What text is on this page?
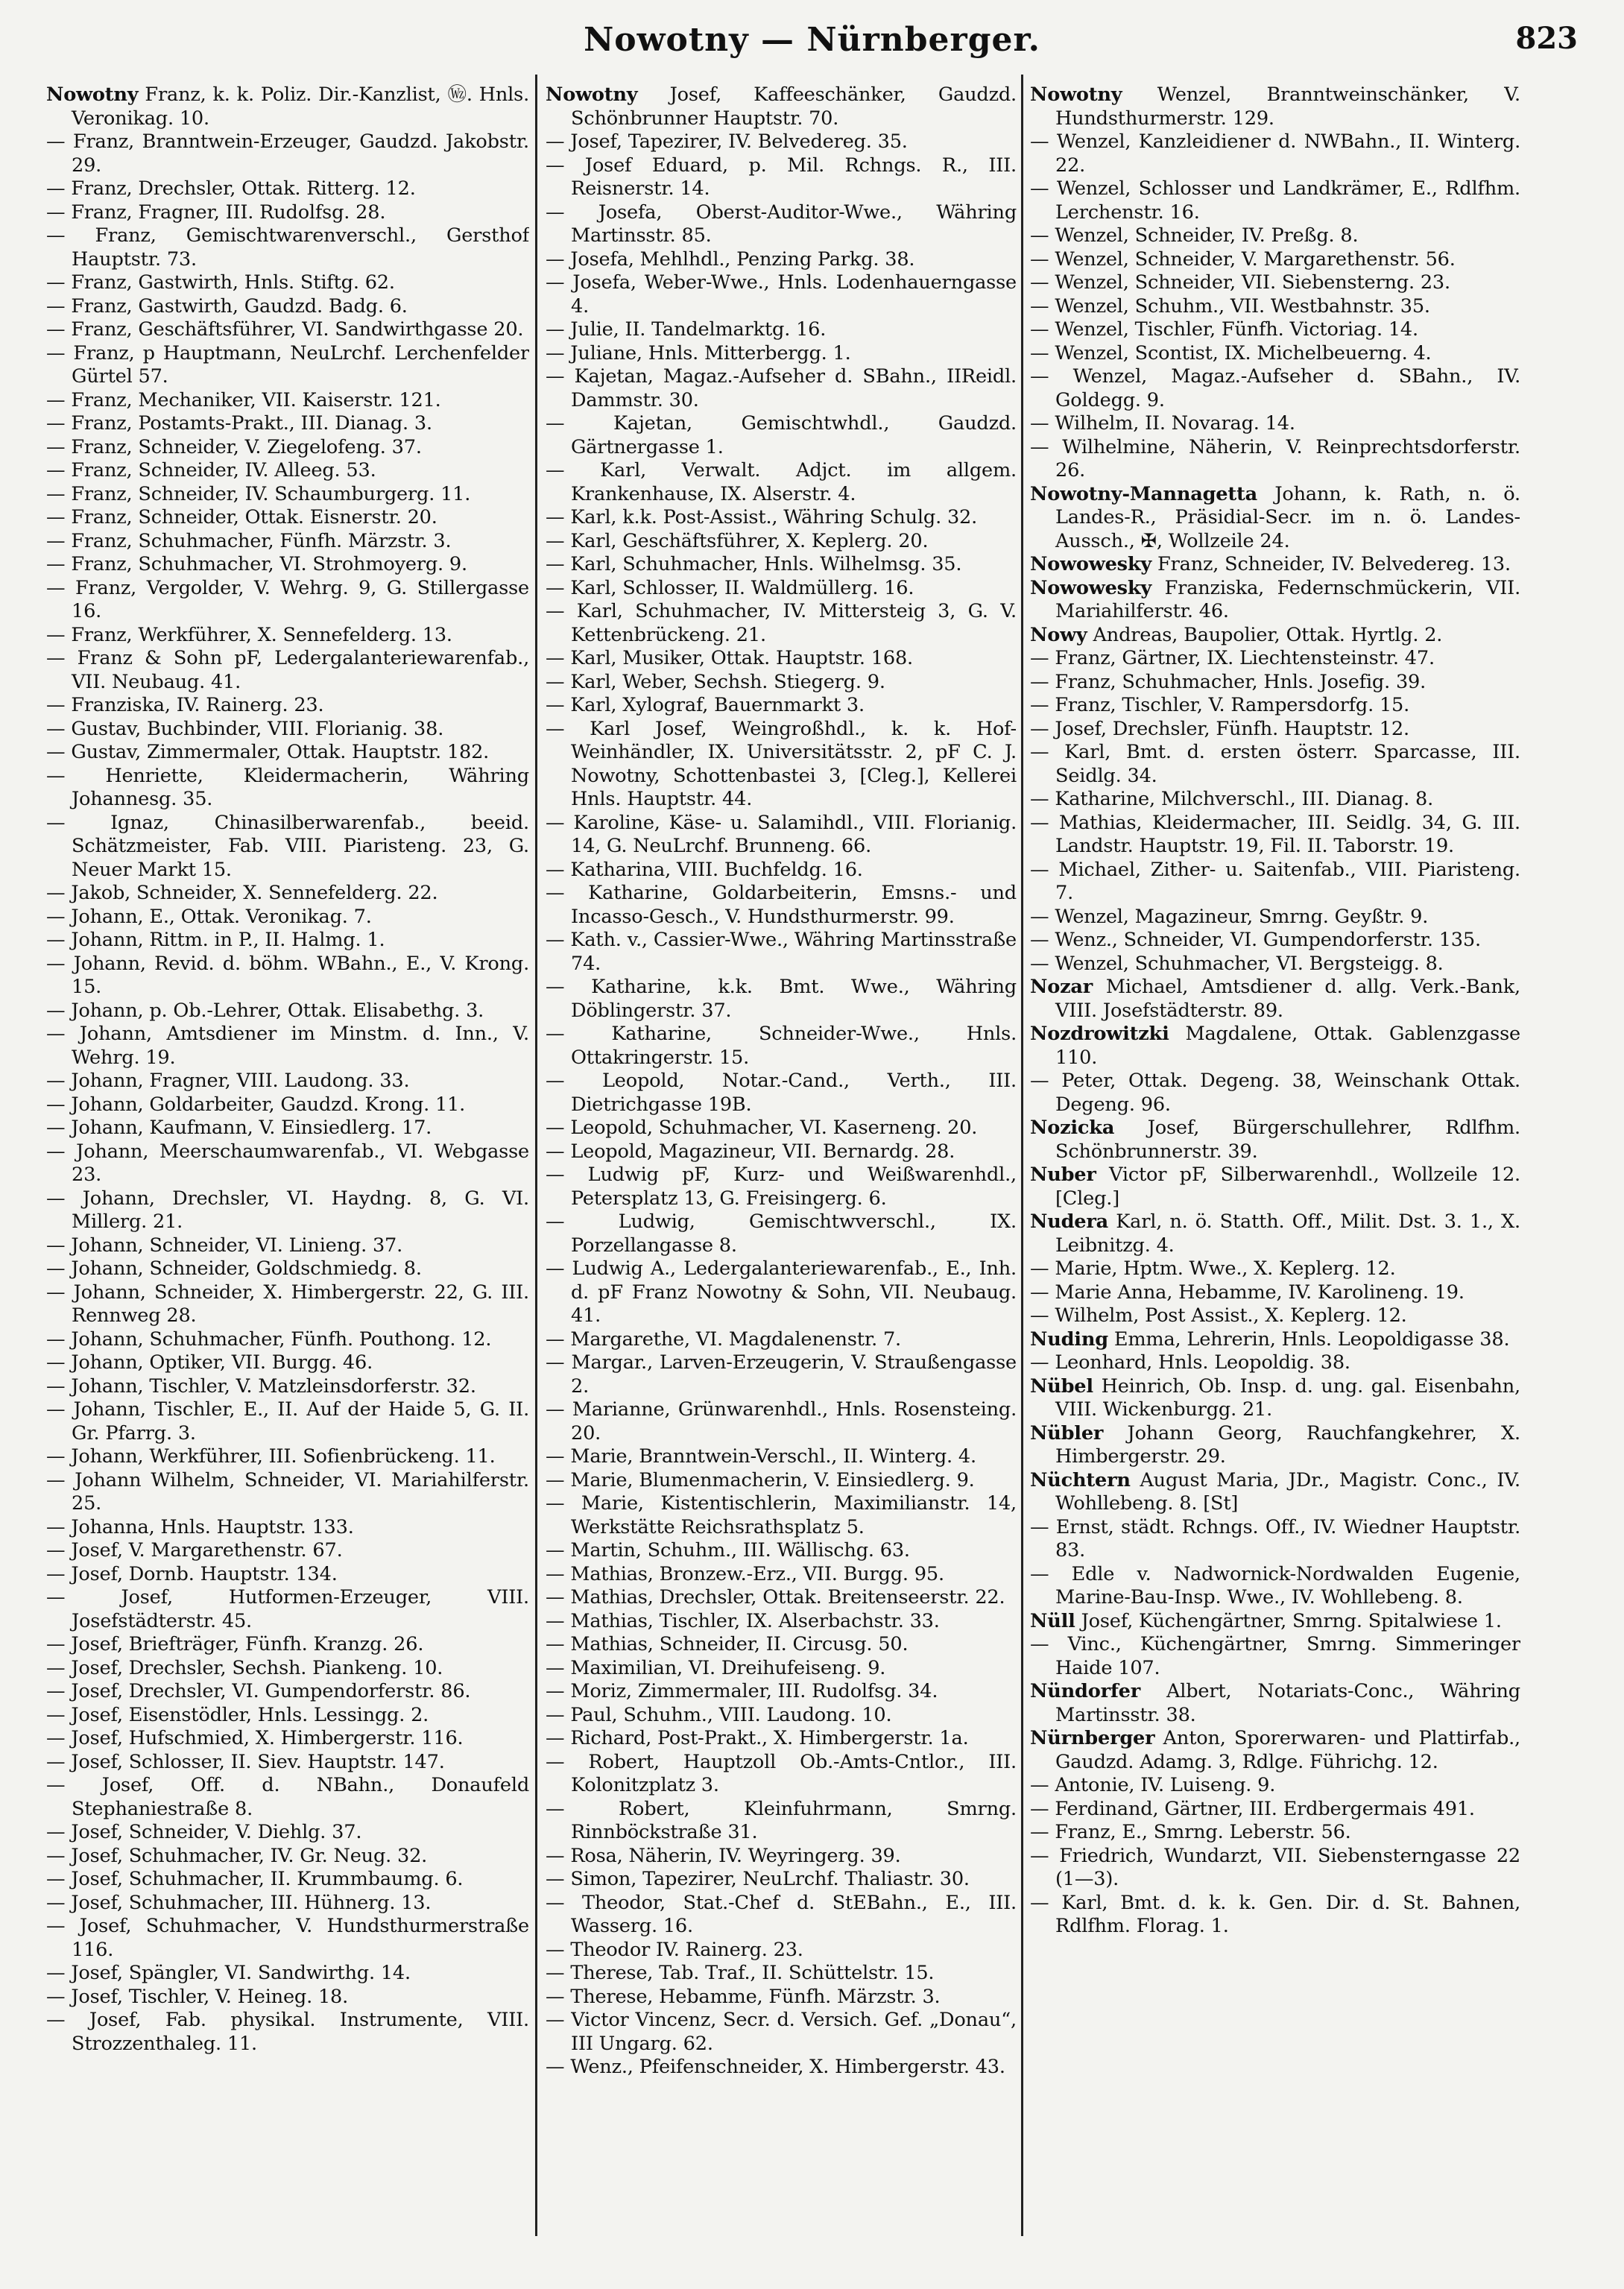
Nowotny — Nürnberger.	823

Nowotny Franz, k. k. Poliz. Dir.-Kanzlist, 🄮. Hnls. Veronikag. 10.

— Franz, Branntwein-Erzeuger, Gaudzd. Jakobstr. 29.

— Franz, Drechsler, Ottak. Ritterg. 12.

— Franz, Fragner, III. Rudolfsg. 28.

— Franz, Gemischtwarenverschl., Gersthof Hauptstr. 73.

— Franz, Gastwirth, Hnls. Stiftg. 62.

— Franz, Gastwirth, Gaudzd. Badg. 6.

— Franz, Geschäftsführer, VI. Sandwirthgasse 20.

— Franz, p Hauptmann, NeuLrchf. Lerchenfelder Gürtel 57.

— Franz, Mechaniker, VII. Kaiserstr. 121.

— Franz, Postamts-Prakt., III. Dianag. 3.

— Franz, Schneider, V. Ziegelofeng. 37.

— Franz, Schneider, IV. Alleeg. 53.

— Franz, Schneider, IV. Schaumburgerg. 11.

— Franz, Schneider, Ottak. Eisnerstr. 20.

— Franz, Schuhmacher, Fünfh. Märzstr. 3.

— Franz, Schuhmacher, VI. Strohmoyerg. 9.

— Franz, Vergolder, V. Wehrg. 9, G. Stillergasse 16.

— Franz, Werkführer, X. Sennefelderg. 13.

— Franz & Sohn pF, Ledergalanteriewarenfab., VII. Neubaug. 41.

— Franziska, IV. Rainerg. 23.

— Gustav, Buchbinder, VIII. Florianig. 38.

— Gustav, Zimmermaler, Ottak. Hauptstr. 182.

— Henriette, Kleidermacherin, Währing Johannesg. 35.

— Ignaz, Chinasilberwarenfab., beeid. Schätzmeister, Fab. VIII. Piaristeng. 23, G. Neuer Markt 15.

— Jakob, Schneider, X. Sennefelderg. 22.

— Johann, E., Ottak. Veronikag. 7.

— Johann, Rittm. in P., II. Halmg. 1.

— Johann, Revid. d. böhm. WBahn., E., V. Krong. 15.

— Johann, p. Ob.-Lehrer, Ottak. Elisabethg. 3.

— Johann, Amtsdiener im Minstm. d. Inn., V. Wehrg. 19.

— Johann, Fragner, VIII. Laudong. 33.

— Johann, Goldarbeiter, Gaudzd. Krong. 11.

— Johann, Kaufmann, V. Einsiedlerg. 17.

— Johann, Meerschaumwarenfab., VI. Webgasse 23.

— Johann, Drechsler, VI. Haydng. 8, G. VI. Millerg. 21.

— Johann, Schneider, VI. Linieng. 37.

— Johann, Schneider, Goldschmiedg. 8.

— Johann, Schneider, X. Himbergerstr. 22, G. III. Rennweg 28.

— Johann, Schuhmacher, Fünfh. Pouthong. 12.

— Johann, Optiker, VII. Burgg. 46.

— Johann, Tischler, V. Matzleinsdorferstr. 32.

— Johann, Tischler, E., II. Auf der Haide 5, G. II. Gr. Pfarrg. 3.

— Johann, Werkführer, III. Sofienbrückeng. 11.

— Johann Wilhelm, Schneider, VI. Mariahilferstr. 25.

— Johanna, Hnls. Hauptstr. 133.

— Josef, V. Margarethenstr. 67.

— Josef, Dornb. Hauptstr. 134.

— Josef, Hutformen-Erzeuger, VIII. Josefstädterstr. 45.

— Josef, Briefträger, Fünfh. Kranzg. 26.

— Josef, Drechsler, Sechsh. Piankeng. 10.

— Josef, Drechsler, VI. Gumpendorferstr. 86.

— Josef, Eisenstödler, Hnls. Lessingg. 2.

— Josef, Hufschmied, X. Himbergerstr. 116.

— Josef, Schlosser, II. Siev. Hauptstr. 147.

— Josef, Off. d. NBahn., Donaufeld Stephaniestraße 8.

— Josef, Schneider, V. Diehlg. 37.

— Josef, Schuhmacher, IV. Gr. Neug. 32.

— Josef, Schuhmacher, II. Krummbaumg. 6.

— Josef, Schuhmacher, III. Hühnerg. 13.

— Josef, Schuhmacher, V. Hundsthurmerstraße 116.

— Josef, Spängler, VI. Sandwirthg. 14.

— Josef, Tischler, V. Heineg. 18.

— Josef, Fab. physikal. Instrumente, VIII. Strozzenthaleg. 11.

Nowotny Josef, Kaffeeschänker, Gaudzd. Schönbrunner Hauptstr. 70.

— Josef, Tapezirer, IV. Belvedereg. 35.

— Josef Eduard, p. Mil. Rchngs. R., III. Reisnerstr. 14.

— Josefa, Oberst-Auditor-Wwe., Währing Martinsstr. 85.

— Josefa, Mehlhdl., Penzing Parkg. 38.

— Josefa, Weber-Wwe., Hnls. Lodenhauerngasse 4.

— Julie, II. Tandelmarktg. 16.

— Juliane, Hnls. Mitterbergg. 1.

— Kajetan, Magaz.-Aufseher d. SBahn., IIReidl. Dammstr. 30.

— Kajetan, Gemischtwhdl., Gaudzd. Gärtnergasse 1.

— Karl, Verwalt. Adjct. im allgem. Krankenhause, IX. Alserstr. 4.

— Karl, k.k. Post-Assist., Währing Schulg. 32.

— Karl, Geschäftsführer, X. Keplerg. 20.

— Karl, Schuhmacher, Hnls. Wilhelmsg. 35.

— Karl, Schlosser, II. Waldmüllerg. 16.

— Karl, Schuhmacher, IV. Mittersteig 3, G. V. Kettenbrückeng. 21.

— Karl, Musiker, Ottak. Hauptstr. 168.

— Karl, Weber, Sechsh. Stiegerg. 9.

— Karl, Xylograf, Bauernmarkt 3.

— Karl Josef, Weingroßhdl., k. k. Hof-Weinhändler, IX. Universitätsstr. 2, pF C. J. Nowotny, Schottenbastei 3, [Cleg.], Kellerei Hnls. Hauptstr. 44.

— Karoline, Käse- u. Salamihdl., VIII. Florianig. 14, G. NeuLrchf. Brunneng. 66.

— Katharina, VIII. Buchfeldg. 16.

— Katharine, Goldarbeiterin, Emsns.- und Incasso-Gesch., V. Hundsthurmerstr. 99.

— Kath. v., Cassier-Wwe., Währing Martinsstraße 74.

— Katharine, k.k. Bmt. Wwe., Währing Döblingerstr. 37.

— Katharine, Schneider-Wwe., Hnls. Ottakringerstr. 15.

— Leopold, Notar.-Cand., Verth., III. Dietrichgasse 19B.

— Leopold, Schuhmacher, VI. Kaserneng. 20.

— Leopold, Magazineur, VII. Bernardg. 28.

— Ludwig pF, Kurz- und Weißwarenhdl., Petersplatz 13, G. Freisingerg. 6.

— Ludwig, Gemischtwverschl., IX. Porzellangasse 8.

— Ludwig A., Ledergalanteriewarenfab., E., Inh. d. pF Franz Nowotny & Sohn, VII. Neubaug. 41.

— Margarethe, VI. Magdalenenstr. 7.

— Margar., Larven-Erzeugerin, V. Straußengasse 2.

— Marianne, Grünwarenhdl., Hnls. Rosensteing. 20.

— Marie, Branntwein-Verschl., II. Winterg. 4.

— Marie, Blumenmacherin, V. Einsiedlerg. 9.

— Marie, Kistentischlerin, Maximilianstr. 14, Werkstätte Reichsrathsplatz 5.

— Martin, Schuhm., III. Wällischg. 63.

— Mathias, Bronzew.-Erz., VII. Burgg. 95.

— Mathias, Drechsler, Ottak. Breitenseerstr. 22.

— Mathias, Tischler, IX. Alserbachstr. 33.

— Mathias, Schneider, II. Circusg. 50.

— Maximilian, VI. Dreihufeiseng. 9.

— Moriz, Zimmermaler, III. Rudolfsg. 34.

— Paul, Schuhm., VIII. Laudong. 10.

— Richard, Post-Prakt., X. Himbergerstr. 1a.

— Robert, Hauptzoll Ob.-Amts-Cntlor., III. Kolonitzplatz 3.

— Robert, Kleinfuhrmann, Smrng. Rinnböckstraße 31.

— Rosa, Näherin, IV. Weyringerg. 39.

— Simon, Tapezirer, NeuLrchf. Thaliastr. 30.

— Theodor, Stat.-Chef d. StEBahn., E., III. Wasserg. 16.

— Theodor IV. Rainerg. 23.

— Therese, Tab. Traf., II. Schüttelstr. 15.

— Therese, Hebamme, Fünfh. Märzstr. 3.

— Victor Vincenz, Secr. d. Versich. Gef. „Donau“, III Ungarg. 62.

— Wenz., Pfeifenschneider, X. Himbergerstr. 43.

Nowotny Wenzel, Branntweinschänker, V. Hundsthurmerstr. 129.

— Wenzel, Kanzleidiener d. NWBahn., II. Winterg. 22.

— Wenzel, Schlosser und Landkrämer, E., Rdlfhm. Lerchenstr. 16.

— Wenzel, Schneider, IV. Preßg. 8.

— Wenzel, Schneider, V. Margarethenstr. 56.

— Wenzel, Schneider, VII. Siebensterng. 23.

— Wenzel, Schuhm., VII. Westbahnstr. 35.

— Wenzel, Tischler, Fünfh. Victoriag. 14.

— Wenzel, Scontist, IX. Michelbeuerng. 4.

— Wenzel, Magaz.-Aufseher d. SBahn., IV. Goldegg. 9.

— Wilhelm, II. Novarag. 14.

— Wilhelmine, Näherin, V. Reinprechtsdorferstr. 26.

Nowotny-Mannagetta Johann, k. Rath, n. ö. Landes-R., Präsidial-Secr. im n. ö. Landes-Aussch., ✠, Wollzeile 24.

Nowowesky Franz, Schneider, IV. Belvedereg. 13.

Nowowesky Franziska, Federnschmückerin, VII. Mariahilferstr. 46.

Nowy Andreas, Baupolier, Ottak. Hyrtlg. 2.

— Franz, Gärtner, IX. Liechtensteinstr. 47.

— Franz, Schuhmacher, Hnls. Josefig. 39.

— Franz, Tischler, V. Rampersdorfg. 15.

— Josef, Drechsler, Fünfh. Hauptstr. 12.

— Karl, Bmt. d. ersten österr. Sparcasse, III. Seidlg. 34.

— Katharine, Milchverschl., III. Dianag. 8.

— Mathias, Kleidermacher, III. Seidlg. 34, G. III. Landstr. Hauptstr. 19, Fil. II. Taborstr. 19.

— Michael, Zither- u. Saitenfab., VIII. Piaristeng. 7.

— Wenzel, Magazineur, Smrng. Geyßtr. 9.

— Wenz., Schneider, VI. Gumpendorferstr. 135.

— Wenzel, Schuhmacher, VI. Bergsteigg. 8.

Nozar Michael, Amtsdiener d. allg. Verk.-Bank, VIII. Josefstädterstr. 89.

Nozdrowitzki Magdalene, Ottak. Gablenzgasse 110.

— Peter, Ottak. Degeng. 38, Weinschank Ottak. Degeng. 96.

Nozicka Josef, Bürgerschullehrer, Rdlfhm. Schönbrunnerstr. 39.

Nuber Victor pF, Silberwarenhdl., Wollzeile 12. [Cleg.]

Nudera Karl, n. ö. Statth. Off., Milit. Dst. 3. 1., X. Leibnitzg. 4.

— Marie, Hptm. Wwe., X. Keplerg. 12.

— Marie Anna, Hebamme, IV. Karolineng. 19.

— Wilhelm, Post Assist., X. Keplerg. 12.

Nuding Emma, Lehrerin, Hnls. Leopoldigasse 38.

— Leonhard, Hnls. Leopoldig. 38.

Nübel Heinrich, Ob. Insp. d. ung. gal. Eisenbahn, VIII. Wickenburgg. 21.

Nübler Johann Georg, Rauchfangkehrer, X. Himbergerstr. 29.

Nüchtern August Maria, JDr., Magistr. Conc., IV. Wohllebeng. 8. [St]

— Ernst, städt. Rchngs. Off., IV. Wiedner Hauptstr. 83.

— Edle v. Nadwornick-Nordwalden Eugenie, Marine-Bau-Insp. Wwe., IV. Wohllebeng. 8.

Nüll Josef, Küchengärtner, Smrng. Spitalwiese 1.

— Vinc., Küchengärtner, Smrng. Simmeringer Haide 107.

Nündorfer Albert, Notariats-Conc., Währing Martinsstr. 38.

Nürnberger Anton, Sporerwaren- und Plattirfab., Gaudzd. Adamg. 3, Rdlge. Führichg. 12.

— Antonie, IV. Luiseng. 9.

— Ferdinand, Gärtner, III. Erdbergermais 491.

— Franz, E., Smrng. Leberstr. 56.

— Friedrich, Wundarzt, VII. Siebensterngasse 22 (1—3).

— Karl, Bmt. d. k. k. Gen. Dir. d. St. Bahnen, Rdlfhm. Florag. 1.
